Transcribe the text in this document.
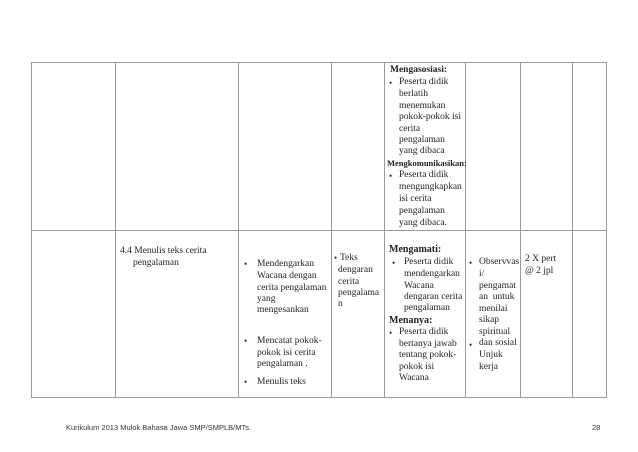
Mengasosiasi:
• Peserta didik
berlatih
menemukan
pokok-pokok isi
cerita
pengalaman
yang dibaca
Mengkomunikasikan:
• Peserta didik
mengungkapkan
isi cerita
pengalaman
yang dibaca.
4.4 Menulis teks cerita
pengalaman	• Mendengarkan
Wacana dengan
cerita pengalaman
yang
mengesankan
• Mencatat pokok-
pokok isi cerita
pengalaman .
• Menulis teks
• Teks
dengaran
cerita
pengalama
n
Mengamati:
• Peserta didik
mendengarkan
Wacana
dengaran cerita
pengalaman
Menanya:
• Peserta didik
bertanya jawab
tentang pokok-
pokok isi
Wacana
• Observvas
i/
pengamat
an  untuk
menilai
sikap
spiritual
dan sosial
•
Unjuk
kerja
2 X pert
@ 2 jpl
Kurikulum 2013 Mulok Bahasa Jawa SMP/SMPLB/MTs.	28
